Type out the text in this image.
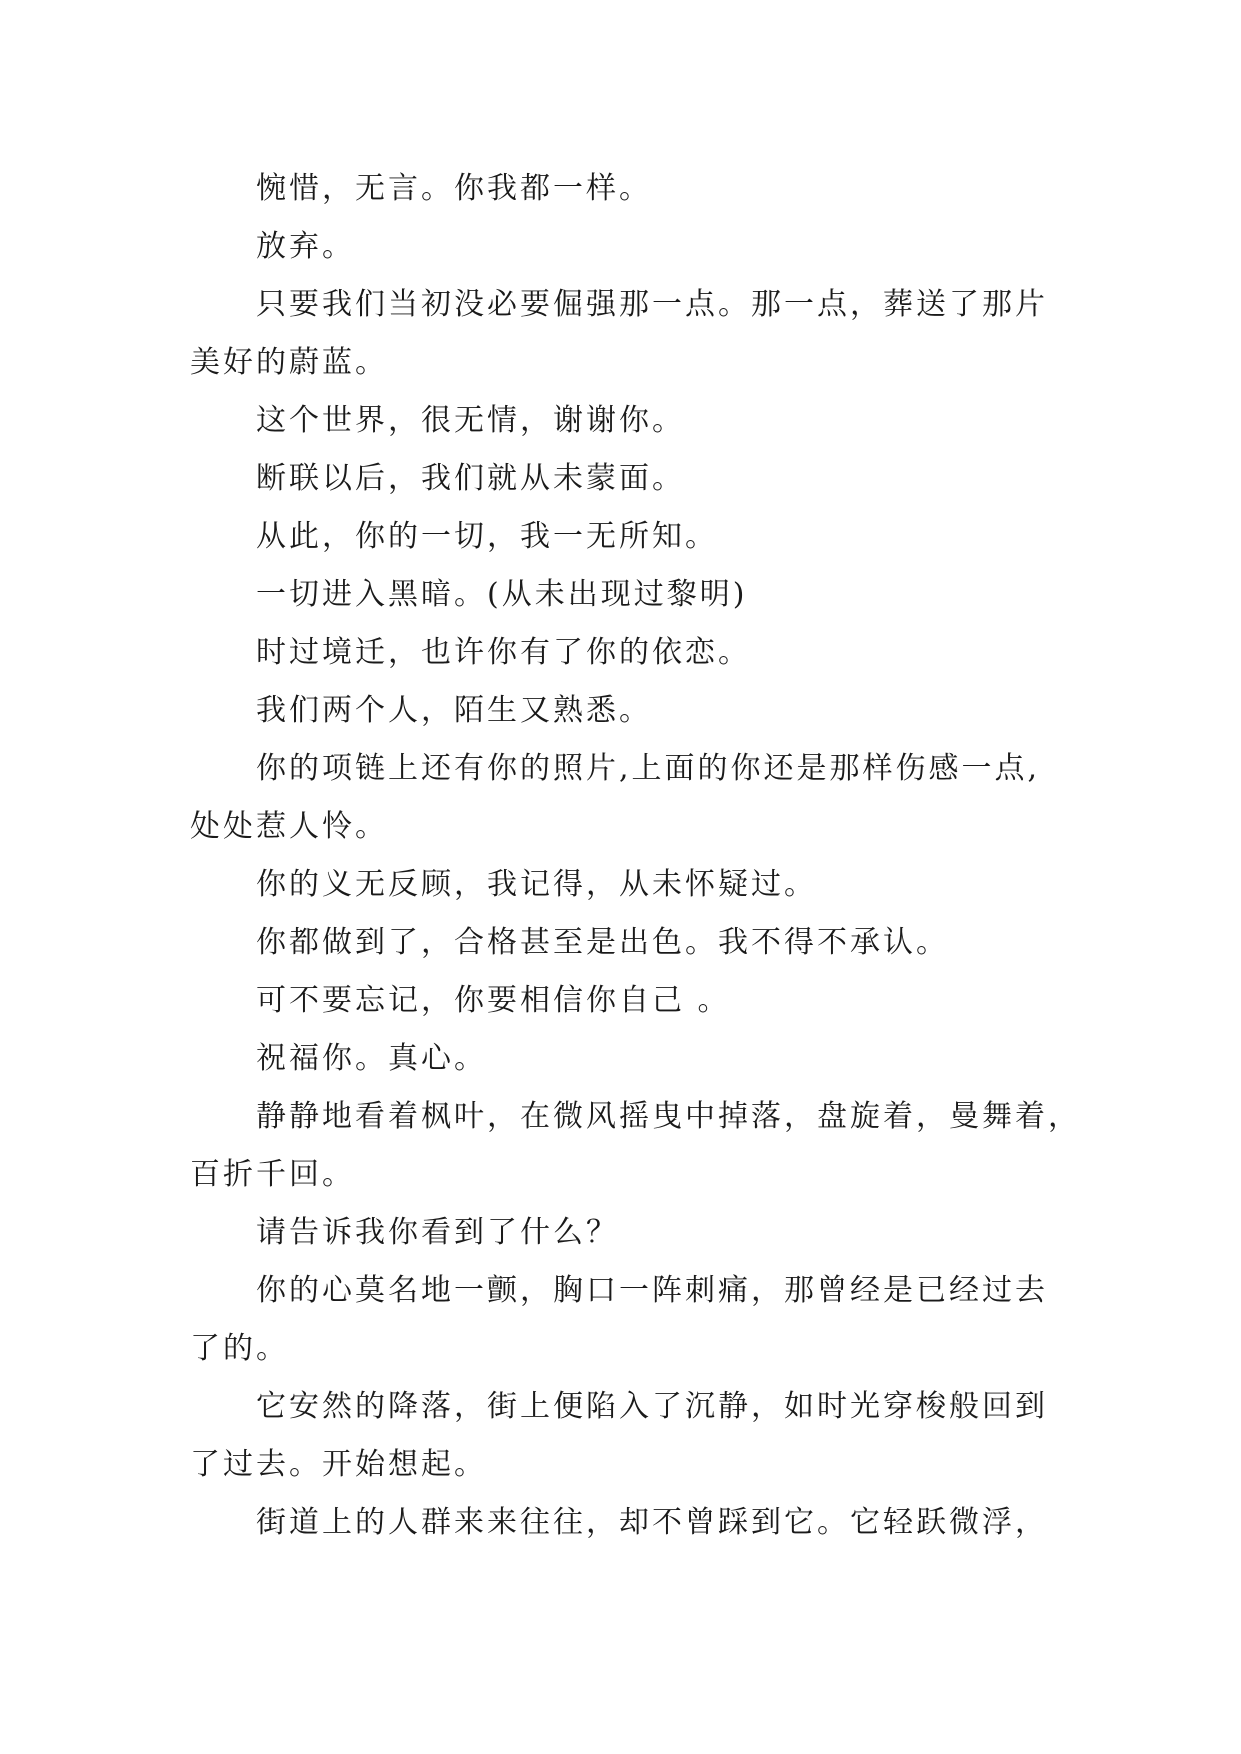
惋惜，无言。你我都一样。

放弃。

只要我们当初没必要倔强那一点。那一点，葬送了那片
美好的蔚蓝。

这个世界，很无情，谢谢你。

断联以后，我们就从未蒙面。

从此，你的一切，我一无所知。

一切进入黑暗。(从未出现过黎明)

时过境迁，也许你有了你的依恋。

我们两个人，陌生又熟悉。

你的项链上还有你的照片,上面的你还是那样伤感一点,
处处惹人怜。

你的义无反顾，我记得，从未怀疑过。

你都做到了，合格甚至是出色。我不得不承认。

可不要忘记，你要相信你自己 。

祝福你。真心。

静静地看着枫叶，在微风摇曳中掉落，盘旋着，曼舞着，
百折千回。

请告诉我你看到了什么？

你的心莫名地一颤，胸口一阵刺痛，那曾经是已经过去
了的。
它安然的降落，街上便陷入了沉静，如时光穿梭般回到
了过去。开始想起。

街道上的人群来来往往，却不曾踩到它。它轻跃微浮，
